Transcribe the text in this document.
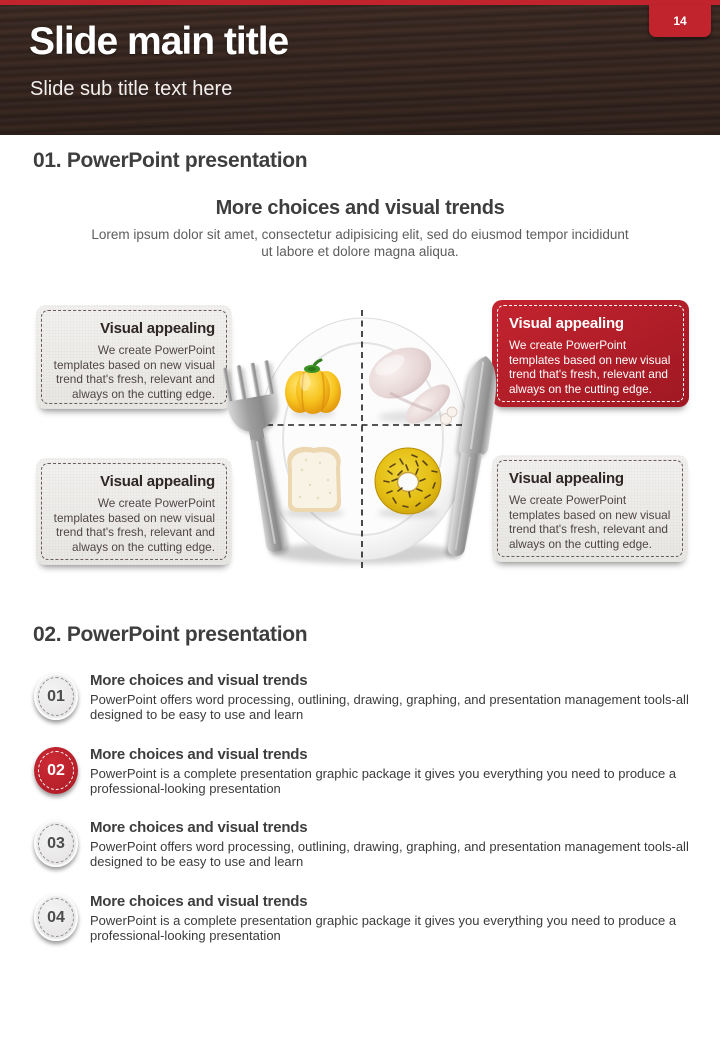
Slide main title
Slide sub title text here
14
01. PowerPoint presentation
More choices and visual trends

Lorem ipsum dolor sit amet, consectetur adipisicing elit, sed do eiusmod tempor incididunt ut labore et dolore magna aliqua.

Visual appealing

We create PowerPoint templates based on new visual trend that's fresh, relevant and always on the cutting edge.

Visual appealing

We create PowerPoint templates based on new visual trend that's fresh, relevant and always on the cutting edge.

Visual appealing

We create PowerPoint templates based on new visual trend that's fresh, relevant and always on the cutting edge.

Visual appealing

We create PowerPoint templates based on new visual trend that's fresh, relevant and always on the cutting edge.

02. PowerPoint presentation
01
More choices and visual trends

PowerPoint offers word processing, outlining, drawing, graphing, and presentation management tools-all designed to be easy to use and learn

02
More choices and visual trends

PowerPoint is a complete presentation graphic package it gives you everything you need to produce a professional-looking presentation

03
More choices and visual trends

PowerPoint offers word processing, outlining, drawing, graphing, and presentation management tools-all designed to be easy to use and learn

04
More choices and visual trends

PowerPoint is a complete presentation graphic package it gives you everything you need to produce a professional-looking presentation
